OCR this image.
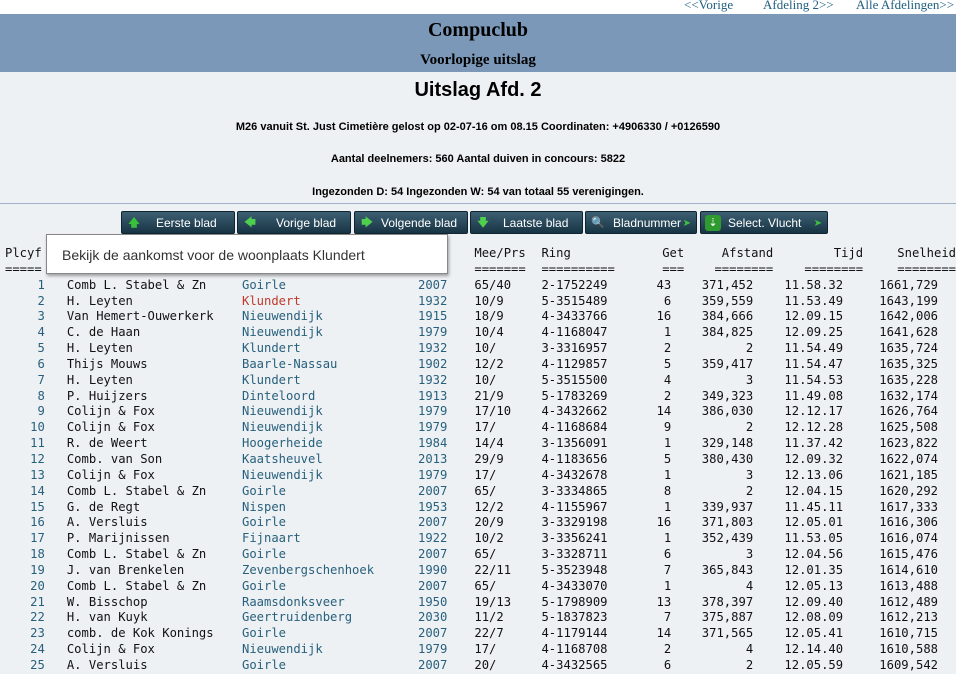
<<Vorige Afdeling 2>> Alle Afdelingen>>
Compuclub
Voorlopige uitslag
Uitslag Afd. 2
M26 vanuit St. Just Cimetière gelost op 02-07-16 om 08.15 Coordinaten: +4906330 / +0126590
Aantal deelnemers: 560 Aantal duiven in concours: 5822
Ingezonden D: 54 Ingezonden W: 54 van totaal 55 verenigingen.
🡅 Eerste blad	🡄 Vorige blad 🡆 Volgende blad 🡇 Laatste blad 🔍 Bladnummer ➤	⇣ Select. Vlucht ➤
Plcyf				Mee/Prs	Ring	Get	Afstand	Tijd	Snelheid
=====				=======	==========	===	========	========	========
1	Comb L. Stabel & Zn	Goirle	2007	65/40	2-1752249	43	371,452	11.58.32	1661,729
2	H. Leyten	Klundert	1932	10/9	5-3515489	6	359,559	11.53.49	1643,199
3	Van Hemert-Ouwerkerk	Nieuwendijk	1915	18/9	4-3433766	16	384,666	12.09.15	1642,006
4	C. de Haan	Nieuwendijk	1979	10/4	4-1168047	1	384,825	12.09.25	1641,628
5	H. Leyten	Klundert	1932	10/	3-3316957	2	2	11.54.49	1635,724
6	Thijs Mouws	Baarle-Nassau	1902	12/2	4-1129857	5	359,417	11.54.47	1635,325
7	H. Leyten	Klundert	1932	10/	5-3515500	4	3	11.54.53	1635,228
8	P. Huijzers	Dinteloord	1913	21/9	5-1783269	2	349,323	11.49.08	1632,174
9	Colijn & Fox	Nieuwendijk	1979	17/10	4-3432662	14	386,030	12.12.17	1626,764
10	Colijn & Fox	Nieuwendijk	1979	17/	4-1168684	9	2	12.12.28	1625,508
11	R. de Weert	Hoogerheide	1984	14/4	3-1356091	1	329,148	11.37.42	1623,822
12	Comb. van Son	Kaatsheuvel	2013	29/9	4-1183656	5	380,430	12.09.32	1622,074
13	Colijn & Fox	Nieuwendijk	1979	17/	4-3432678	1	3	12.13.06	1621,185
14	Comb L. Stabel & Zn	Goirle	2007	65/	3-3334865	8	2	12.04.15	1620,292
15	G. de Regt	Nispen	1953	12/2	4-1155967	1	339,937	11.45.11	1617,333
16	A. Versluis	Goirle	2007	20/9	3-3329198	16	371,803	12.05.01	1616,306
17	P. Marijnissen	Fijnaart	1922	10/2	3-3356241	1	352,439	11.53.05	1616,074
18	Comb L. Stabel & Zn	Goirle	2007	65/	3-3328711	6	3	12.04.56	1615,476
19	J. van Brenkelen	Zevenbergschenhoek	1990	22/11	5-3523948	7	365,843	12.01.35	1614,610
20	Comb L. Stabel & Zn	Goirle	2007	65/	4-3433070	1	4	12.05.13	1613,488
21	W. Bisschop	Raamsdonksveer	1950	19/13	5-1798909	13	378,397	12.09.40	1612,489
22	H. van Kuyk	Geertruidenberg	2030	11/2	5-1837823	7	375,887	12.08.09	1612,213
23	comb. de Kok Konings	Goirle	2007	22/7	4-1179144	14	371,565	12.05.41	1610,715
24	Colijn & Fox	Nieuwendijk	1979	17/	4-1168708	2	4	12.14.40	1610,588
25	A. Versluis	Goirle	2007	20/	4-3432565	6	2	12.05.59	1609,542
Bekijk de aankomst voor de woonplaats Klundert
